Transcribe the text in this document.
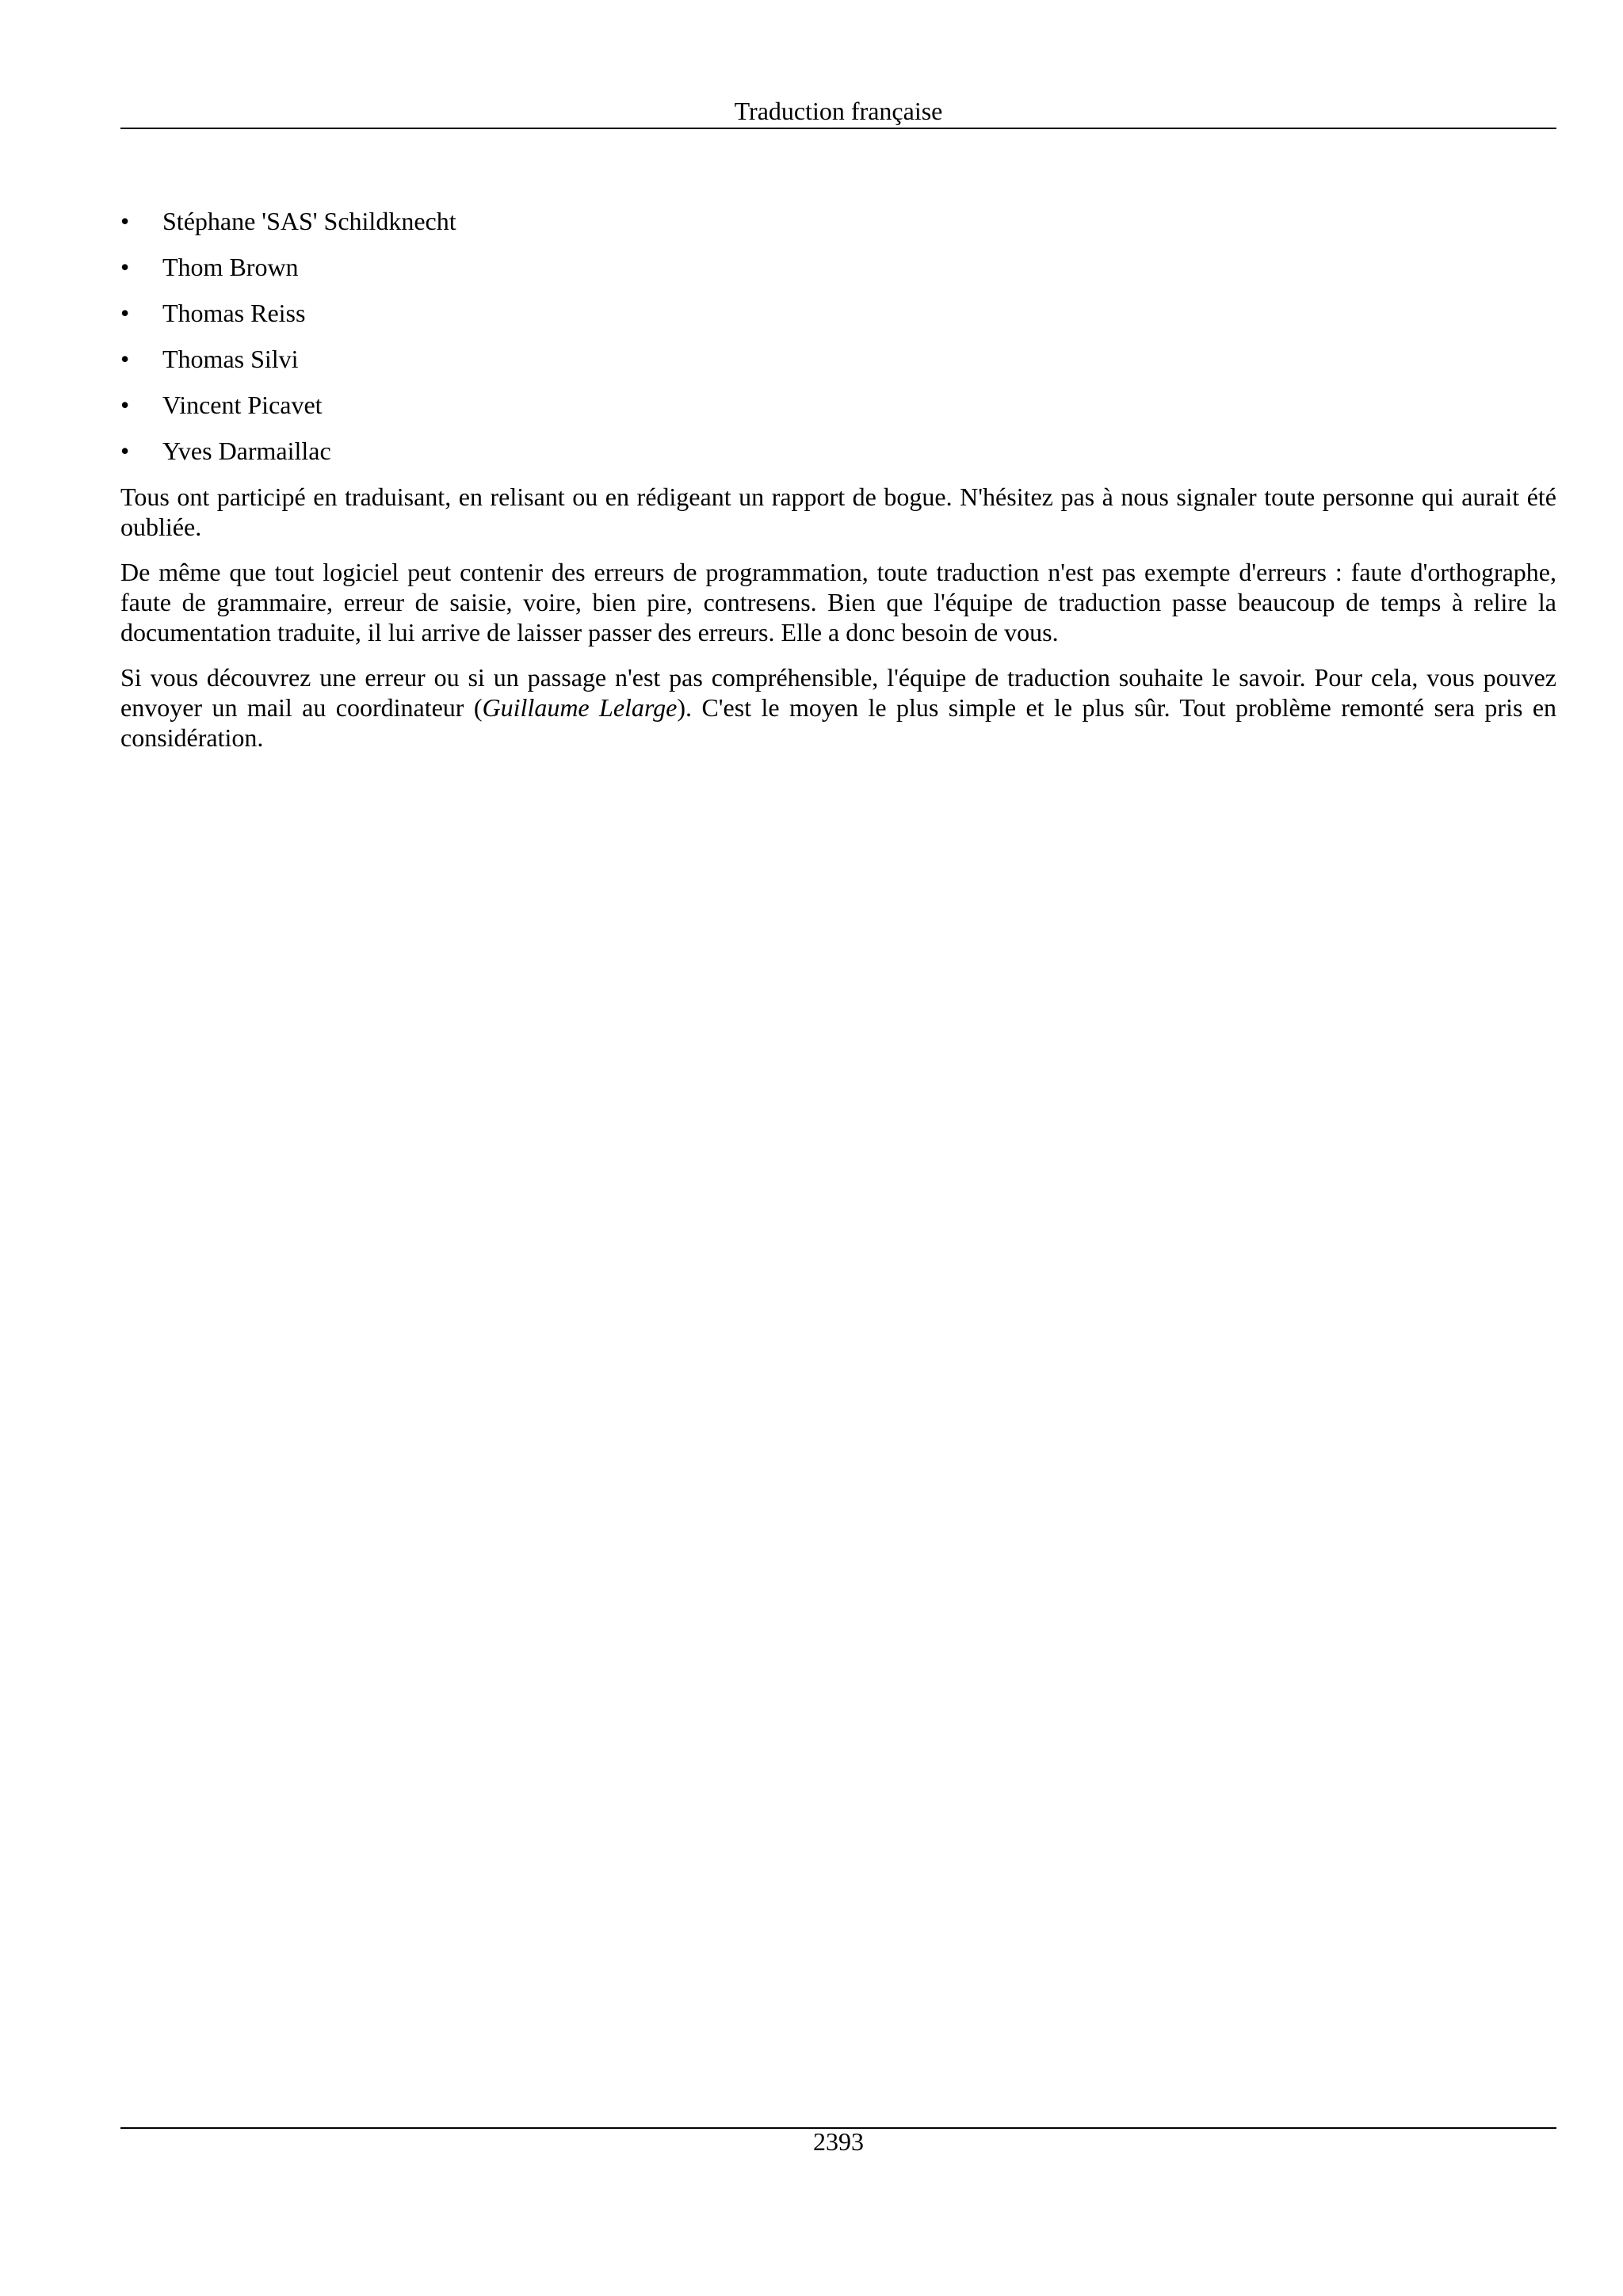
Traduction française
• Stéphane 'SAS' Schildknecht
• Thom Brown
• Thomas Reiss
• Thomas Silvi
• Vincent Picavet
• Yves Darmaillac

Tous ont participé en traduisant, en relisant ou en rédigeant un rapport de bogue. N'hésitez pas à nous signaler toute personne qui aurait été oubliée.

De même que tout logiciel peut contenir des erreurs de programmation, toute traduction n'est pas exempte d'erreurs : faute d'orthographe, faute de grammaire, erreur de saisie, voire, bien pire, contresens. Bien que l'équipe de traduction passe beaucoup de temps à relire la documentation traduite, il lui arrive de laisser passer des erreurs. Elle a donc besoin de vous.

Si vous découvrez une erreur ou si un passage n'est pas compréhensible, l'équipe de traduction souhaite le savoir. Pour cela, vous pouvez envoyer un mail au coordinateur (Guillaume Lelarge). C'est le moyen le plus simple et le plus sûr. Tout problème remonté sera pris en considération.

2393
